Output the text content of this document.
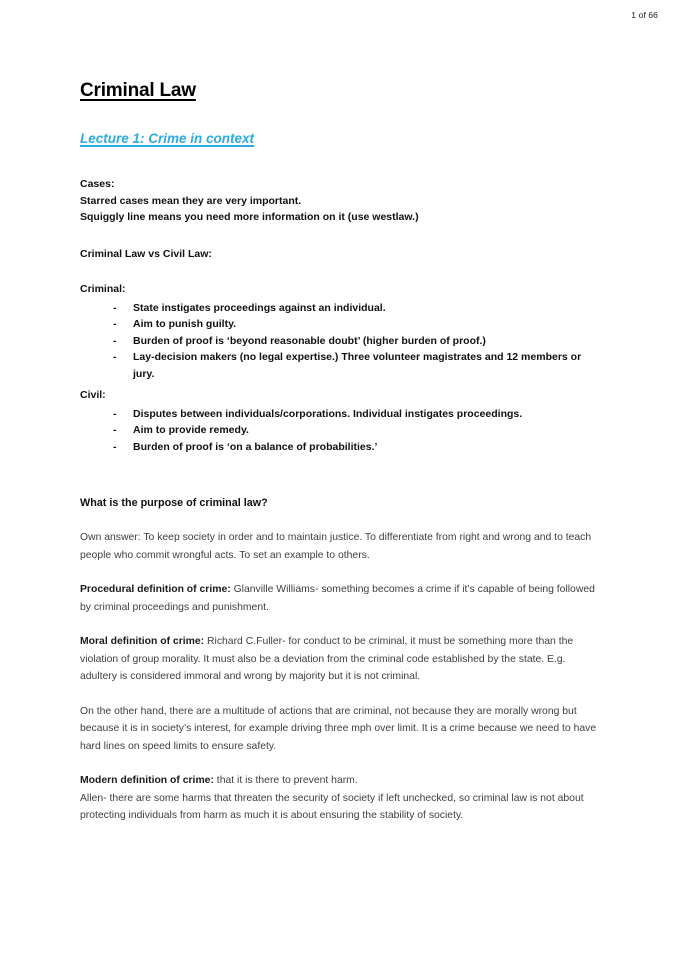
1 of 66
Criminal Law
Lecture 1: Crime in context
Cases:
Starred cases mean they are very important.
Squiggly line means you need more information on it (use westlaw.)
Criminal Law vs Civil Law:
Criminal:
- State instigates proceedings against an individual.
- Aim to punish guilty.
- Burden of proof is ‘beyond reasonable doubt’ (higher burden of proof.)
- Lay-decision makers (no legal expertise.) Three volunteer magistrates and 12 members or jury.
Civil:
- Disputes between individuals/corporations. Individual instigates proceedings.
- Aim to provide remedy.
- Burden of proof is ‘on a balance of probabilities.’
What is the purpose of criminal law?

Own answer: To keep society in order and to maintain justice. To differentiate from right and wrong and to teach people who commit wrongful acts. To set an example to others.

Procedural definition of crime: Glanville Williams- something becomes a crime if it’s capable of being followed by criminal proceedings and punishment.

Moral definition of crime: Richard C.Fuller- for conduct to be criminal, it must be something more than the violation of group morality. It must also be a deviation from the criminal code established by the state. E.g. adultery is considered immoral and wrong by majority but it is not criminal.

On the other hand, there are a multitude of actions that are criminal, not because they are morally wrong but because it is in society’s interest, for example driving three mph over limit. It is a crime because we need to have hard lines on speed limits to ensure safety.

Modern definition of crime: that it is there to prevent harm.
Allen- there are some harms that threaten the security of society if left unchecked, so criminal law is not about protecting individuals from harm as much it is about ensuring the stability of society.
